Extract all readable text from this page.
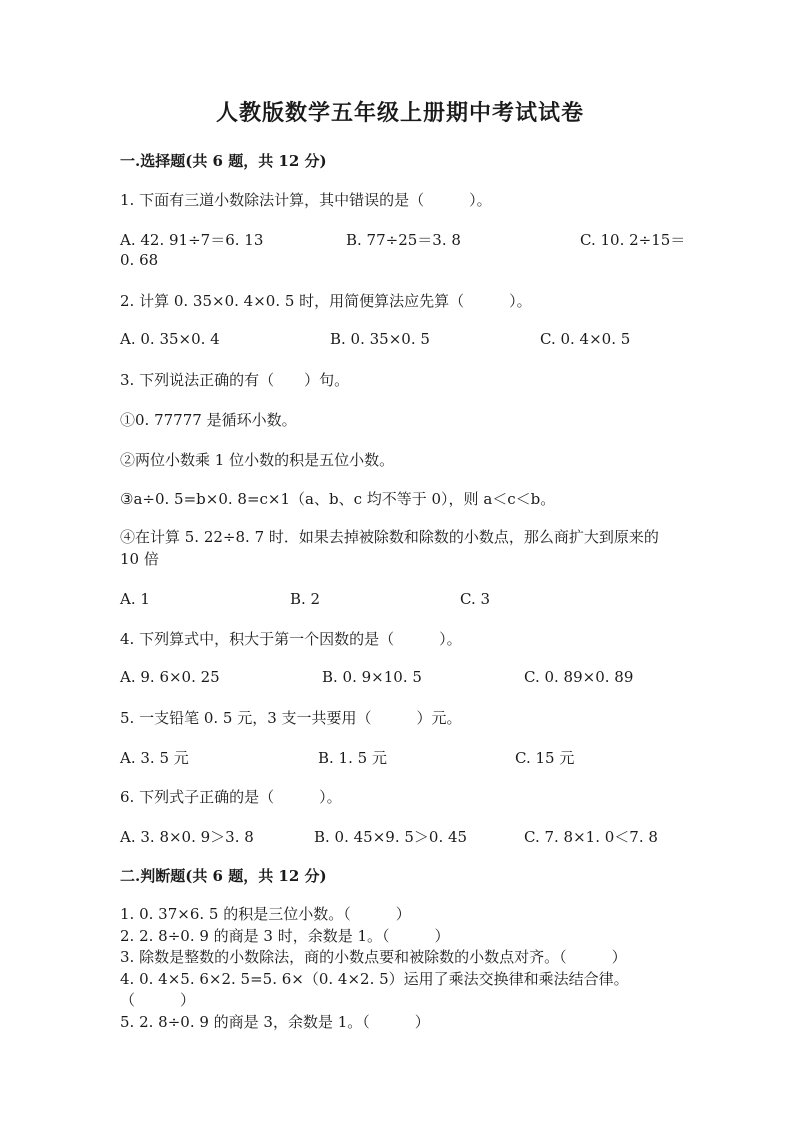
人教版数学五年级上册期中考试试卷
一.选择题(共 6 题，共 12 分)
1. 下面有三道小数除法计算，其中错误的是（　　　）。
A. 42. 91÷7＝6. 13	B. 77÷25＝3. 8	C. 10. 2÷15＝
0. 68
2. 计算 0. 35×0. 4×0. 5 时，用简便算法应先算（　　　）。
A. 0. 35×0. 4	B. 0. 35×0. 5	C. 0. 4×0. 5
3. 下列说法正确的有（　　）句。
①0. 77777 是循环小数。
②两位小数乘 1 位小数的积是五位小数。
③a÷0. 5=b×0. 8=c×1（a、b、c 均不等于 0），则 a＜c＜b。
④在计算 5. 22÷8. 7 时．如果去掉被除数和除数的小数点，那么商扩大到原来的 10 倍
A. 1	B. 2	C. 3
4. 下列算式中，积大于第一个因数的是（　　　）。
A. 9. 6×0. 25	B. 0. 9×10. 5	C. 0. 89×0. 89
5. 一支铅笔 0. 5 元，3 支一共要用（　　　）元。
A. 3. 5 元	B. 1. 5 元	C. 15 元
6. 下列式子正确的是（　　　）。
A. 3. 8×0. 9＞3. 8	B. 0. 45×9. 5＞0. 45	C. 7. 8×1. 0＜7. 8
二.判断题(共 6 题，共 12 分)
1. 0. 37×6. 5 的积是三位小数。（　　　）
2. 2. 8÷0. 9 的商是 3 时，余数是 1。（　　　）
3. 除数是整数的小数除法，商的小数点要和被除数的小数点对齐。（　　　）
4. 0. 4×5. 6×2. 5=5. 6×（0. 4×2. 5）运用了乘法交换律和乘法结合律。
（　　　）
5. 2. 8÷0. 9 的商是 3，余数是 1。（　　　）
